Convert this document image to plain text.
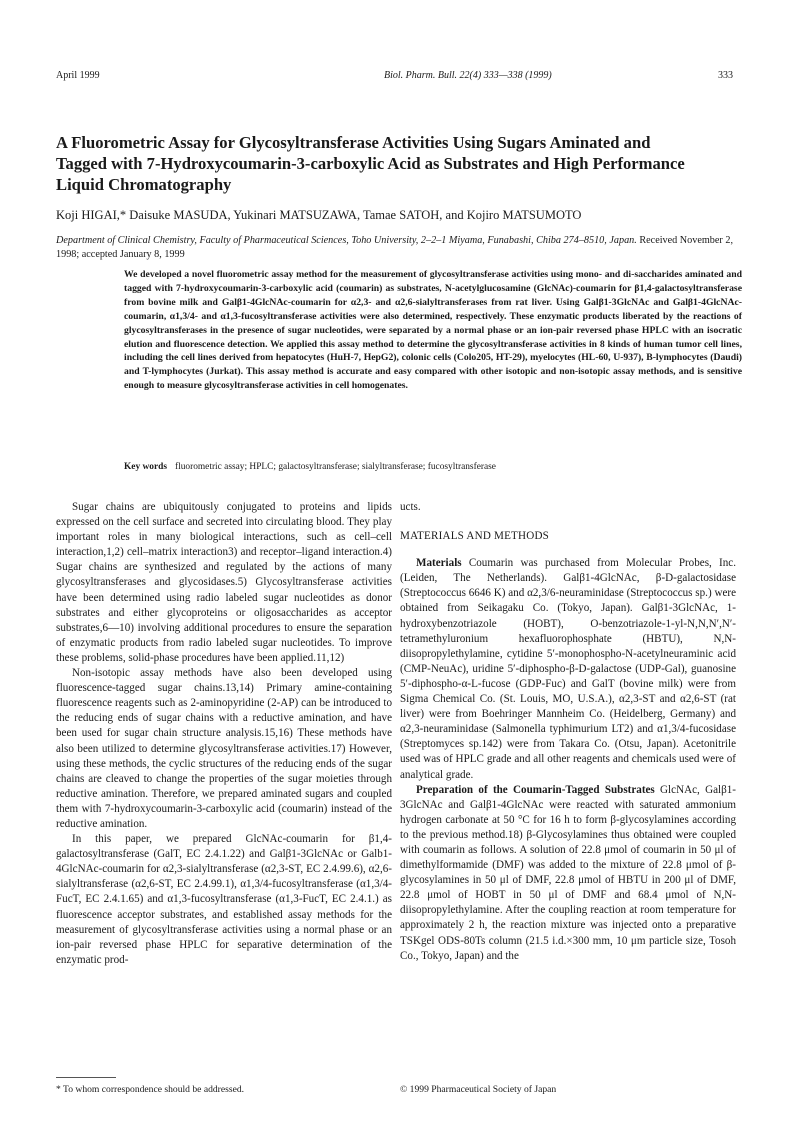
April 1999	Biol. Pharm. Bull. 22(4) 333—338 (1999)	333
A Fluorometric Assay for Glycosyltransferase Activities Using Sugars Aminated and Tagged with 7-Hydroxycoumarin-3-carboxylic Acid as Substrates and High Performance Liquid Chromatography

Koji HIGAI,* Daisuke MASUDA, Yukinari MATSUZAWA, Tamae SATOH, and Kojiro MATSUMOTO

Department of Clinical Chemistry, Faculty of Pharmaceutical Sciences, Toho University, 2–2–1 Miyama, Funabashi, Chiba 274–8510, Japan. Received November 2, 1998; accepted January 8, 1999

We developed a novel fluorometric assay method for the measurement of glycosyltransferase activities using mono- and di-saccharides aminated and tagged with 7-hydroxycoumarin-3-carboxylic acid (coumarin) as substrates, N-acetylglucosamine (GlcNAc)-coumarin for β1,4-galactosyltransferase from bovine milk and Galβ1-4GlcNAc-coumarin for α2,3- and α2,6-sialyltransferases from rat liver. Using Galβ1-3GlcNAc and Galβ1-4GlcNAc-coumarin, α1,3/4- and α1,3-fucosyltransferase activities were also determined, respectively. These enzymatic products liberated by the reactions of glycosyltransferases in the presence of sugar nucleotides, were separated by a normal phase or an ion-pair reversed phase HPLC with an isocratic elution and fluorescence detection. We applied this assay method to determine the glycosyltransferase activities in 8 kinds of human tumor cell lines, including the cell lines derived from hepatocytes (HuH-7, HepG2), colonic cells (Colo205, HT-29), myelocytes (HL-60, U-937), B-lymphocytes (Daudi) and T-lymphocytes (Jurkat). This assay method is accurate and easy compared with other isotopic and non-isotopic assay methods, and is sensitive enough to measure glycosyltransferase activities in cell homogenates.

Key words fluorometric assay; HPLC; galactosyltransferase; sialyltransferase; fucosyltransferase

Sugar chains are ubiquitously conjugated to proteins and lipids expressed on the cell surface and secreted into circulating blood. They play important roles in many biological interactions, such as cell–cell interaction,1,2) cell–matrix interaction3) and receptor–ligand interaction.4) Sugar chains are synthesized and regulated by the actions of many glycosyltransferases and glycosidases.5) Glycosyltransferase activities have been determined using radio labeled sugar nucleotides as donor substrates and either glycoproteins or oligosaccharides as acceptor substrates,6—10) involving additional procedures to ensure the separation of enzymatic products from radio labeled sugar nucleotides. To improve these problems, solid-phase procedures have been applied.11,12)

Non-isotopic assay methods have also been developed using fluorescence-tagged sugar chains.13,14) Primary amine-containing fluorescence reagents such as 2-aminopyridine (2-AP) can be introduced to the reducing ends of sugar chains with a reductive amination, and have been used for sugar chain structure analysis.15,16) These methods have also been utilized to determine glycosyltransferase activities.17) However, using these methods, the cyclic structures of the reducing ends of the sugar chains are cleaved to change the properties of the sugar moieties through reductive amination. Therefore, we prepared aminated sugars and coupled them with 7-hydroxycoumarin-3-carboxylic acid (coumarin) instead of the reductive amination.

In this paper, we prepared GlcNAc-coumarin for β1,4-galactosyltransferase (GalT, EC 2.4.1.22) and Galβ1-3GlcNAc or Galb1-4GlcNAc-coumarin for α2,3-sialyltransferase (α2,3-ST, EC 2.4.99.6), α2,6-sialyltransferase (α2,6-ST, EC 2.4.99.1), α1,3/4-fucosyltransferase (α1,3/4-FucT, EC 2.4.1.65) and α1,3-fucosyltransferase (α1,3-FucT, EC 2.4.1.) as fluorescence acceptor substrates, and established assay methods for the measurement of glycosyltransferase activities using a normal phase or an ion-pair reversed phase HPLC for separative determination of the enzymatic prod-

ucts.

MATERIALS AND METHODS

Materials Coumarin was purchased from Molecular Probes, Inc. (Leiden, The Netherlands). Galβ1-4GlcNAc, β-D-galactosidase (Streptococcus 6646 K) and α2,3/6-neuraminidase (Streptococcus sp.) were obtained from Seikagaku Co. (Tokyo, Japan). Galβ1-3GlcNAc, 1-hydroxybenzotriazole (HOBT), O-benzotriazole-1-yl-N,N,N′,N′-tetramethyluronium hexafluorophosphate (HBTU), N,N-diisopropylethylamine, cytidine 5′-monophospho-N-acetylneuraminic acid (CMP-NeuAc), uridine 5′-diphospho-β-D-galactose (UDP-Gal), guanosine 5′-diphospho-α-L-fucose (GDP-Fuc) and GalT (bovine milk) were from Sigma Chemical Co. (St. Louis, MO, U.S.A.), α2,3-ST and α2,6-ST (rat liver) were from Boehringer Mannheim Co. (Heidelberg, Germany) and α2,3-neuraminidase (Salmonella typhimurium LT2) and α1,3/4-fucosidase (Streptomyces sp.142) were from Takara Co. (Otsu, Japan). Acetonitrile used was of HPLC grade and all other reagents and chemicals used were of analytical grade.

Preparation of the Coumarin-Tagged Substrates GlcNAc, Galβ1-3GlcNAc and Galβ1-4GlcNAc were reacted with saturated ammonium hydrogen carbonate at 50 °C for 16 h to form β-glycosylamines according to the previous method.18) β-Glycosylamines thus obtained were coupled with coumarin as follows. A solution of 22.8 μmol of coumarin in 50 μl of dimethylformamide (DMF) was added to the mixture of 22.8 μmol of β-glycosylamines in 50 μl of DMF, 22.8 μmol of HBTU in 200 μl of DMF, 22.8 μmol of HOBT in 50 μl of DMF and 68.4 μmol of N,N-diisopropylethylamine. After the coupling reaction at room temperature for approximately 2 h, the reaction mixture was injected onto a preparative TSKgel ODS-80Ts column (21.5 i.d.×300 mm, 10 μm particle size, Tosoh Co., Tokyo, Japan) and the

* To whom correspondence should be addressed.	© 1999 Pharmaceutical Society of Japan
